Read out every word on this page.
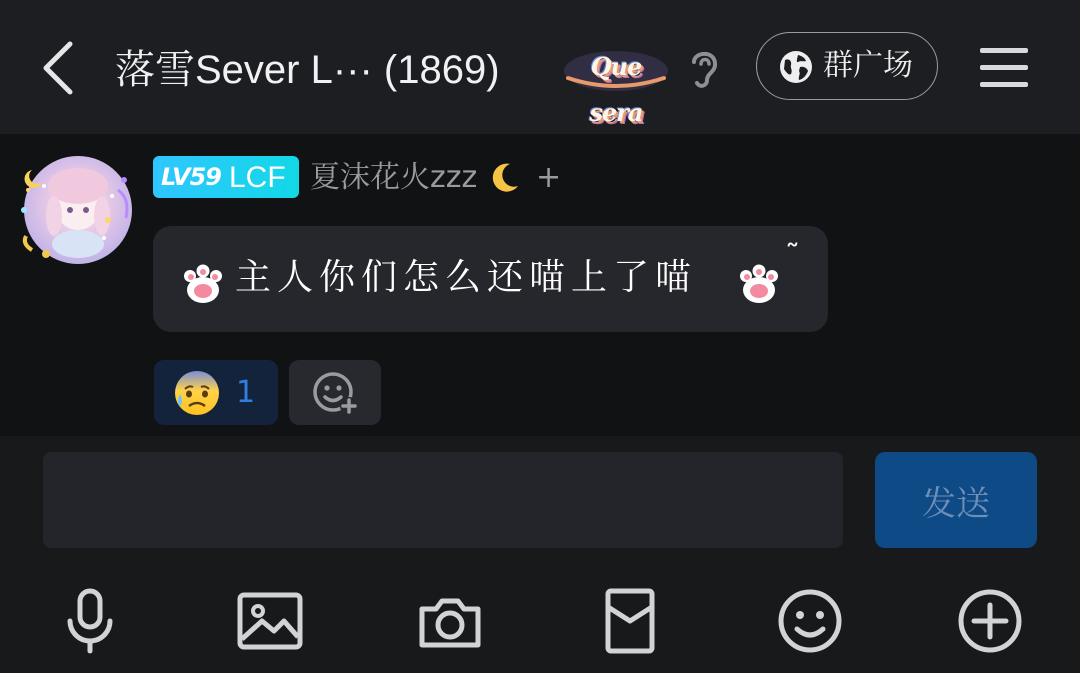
落雪Sever L··· (1869)	Que sera
群广场
LV59 LCF 夏沫花火zzz +
主人你们怎么还喵上了喵
˜
1
发送
